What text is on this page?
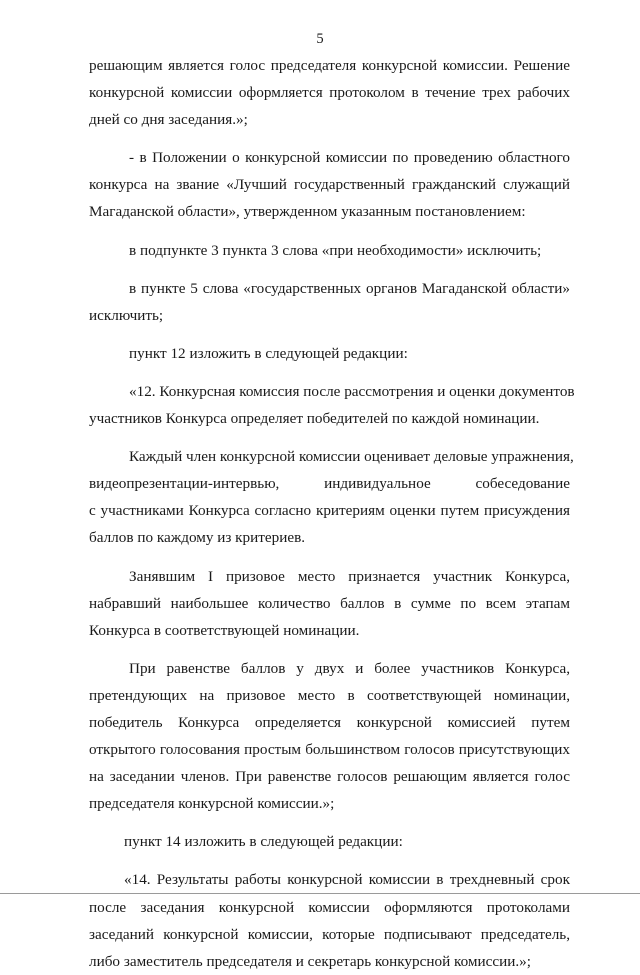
5
решающим является голос председателя конкурсной комиссии. Решение
конкурсной комиссии оформляется протоколом в течение трех рабочих
дней со дня заседания.»;
- в Положении о конкурсной комиссии по проведению областного
конкурса на звание «Лучший государственный гражданский служащий
Магаданской области», утвержденном указанным постановлением:
в подпункте 3 пункта 3 слова «при необходимости» исключить;
в пункте 5 слова «государственных органов Магаданской области»
исключить;
пункт 12 изложить в следующей редакции:
«12. Конкурсная комиссия после рассмотрения и оценки документов
участников Конкурса определяет победителей по каждой номинации.
Каждый член конкурсной комиссии оценивает деловые упражнения,
видеопрезентации-интервью, индивидуальное собеседование
с участниками Конкурса согласно критериям оценки путем присуждения
баллов по каждому из критериев.
Занявшим I призовое место признается участник Конкурса,
набравший наибольшее количество баллов в сумме по всем этапам
Конкурса в соответствующей номинации.
При равенстве баллов у двух и более участников Конкурса,
претендующих на призовое место в соответствующей номинации,
победитель Конкурса определяется конкурсной комиссией путем
открытого голосования простым большинством голосов присутствующих
на заседании членов. При равенстве голосов решающим является голос
председателя конкурсной комиссии.»;
пункт 14 изложить в следующей редакции:
«14. Результаты работы конкурсной комиссии в трехдневный срок
после заседания конкурсной комиссии оформляются протоколами
заседаний конкурсной комиссии, которые подписывают председатель,
либо заместитель председателя и секретарь конкурсной комиссии.»;
